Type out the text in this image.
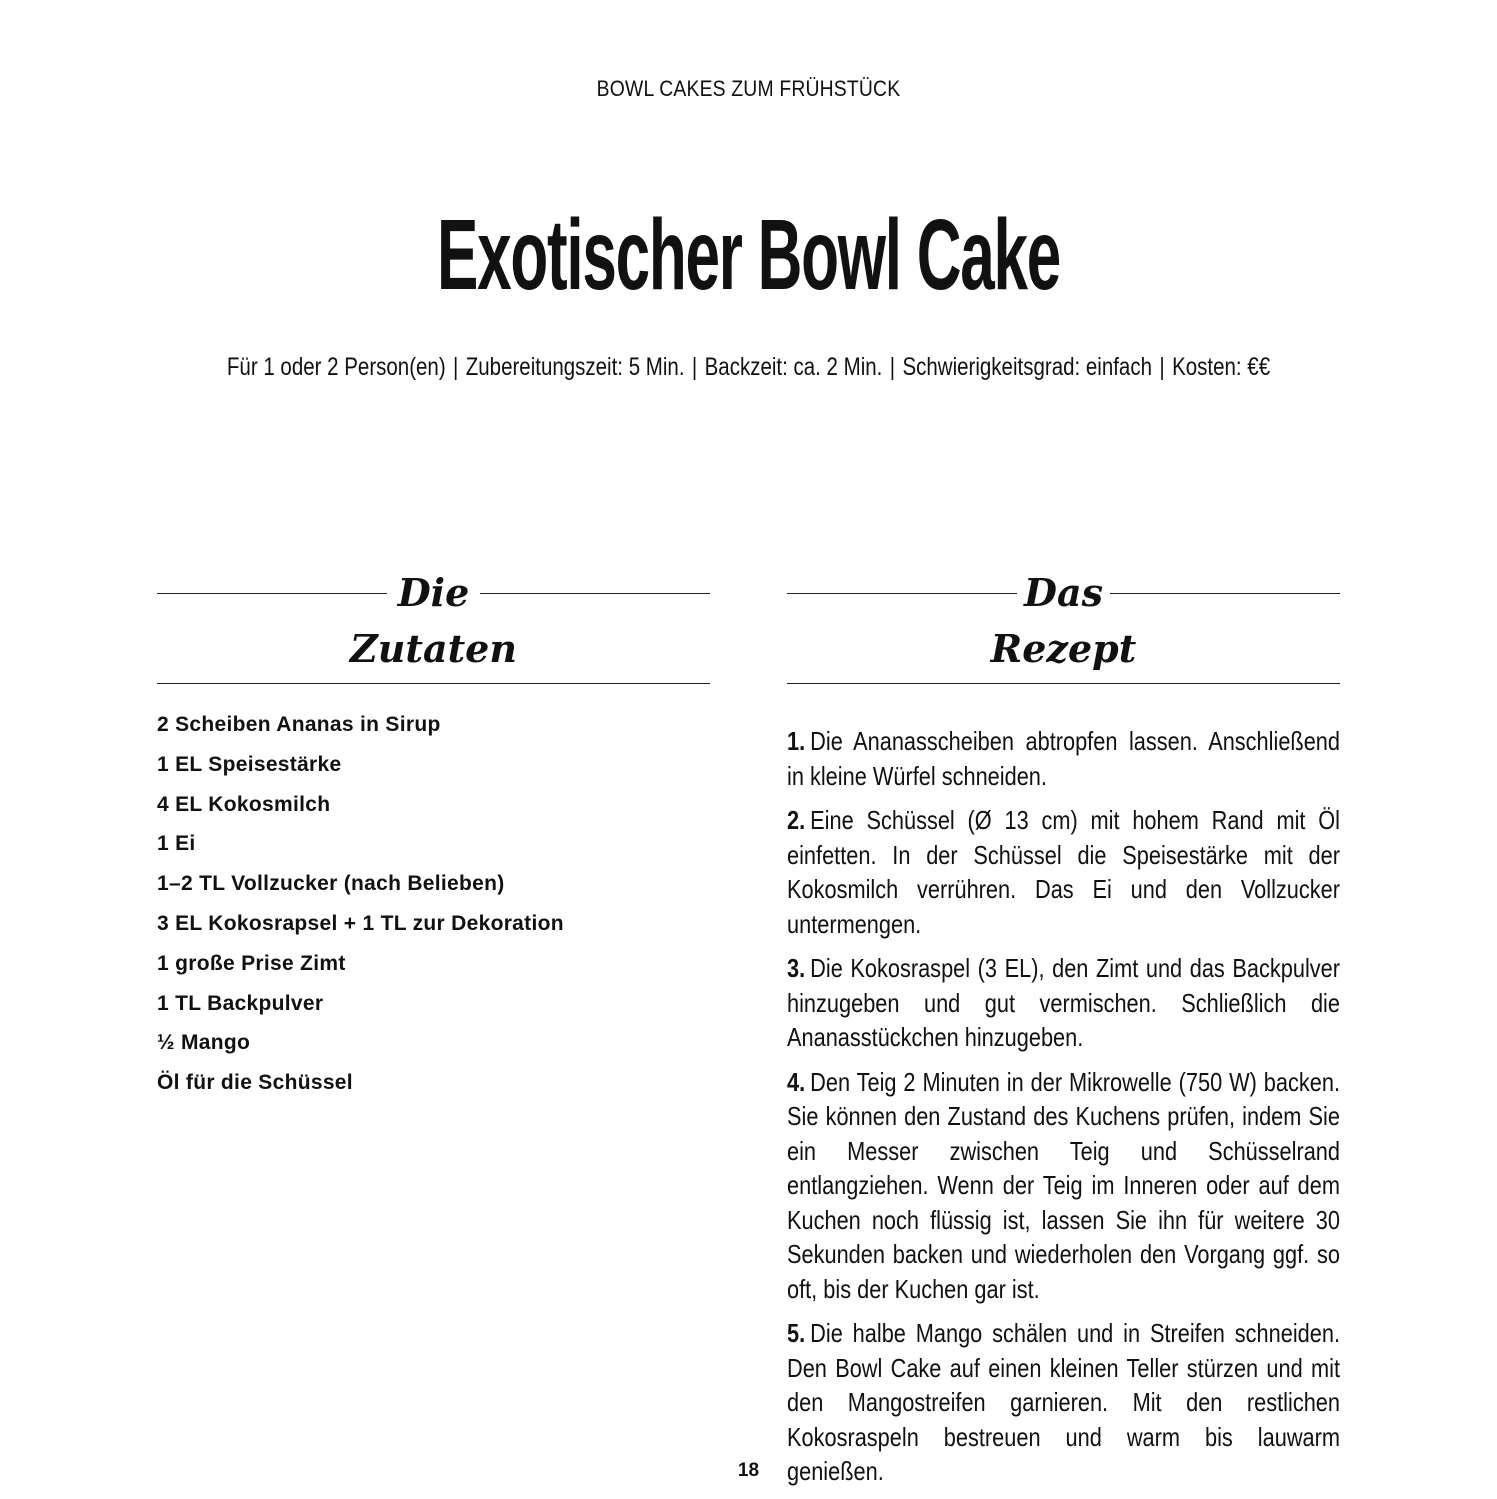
BOWL CAKES ZUM FRÜHSTÜCK
Exotischer Bowl Cake
Für 1 oder 2 Person(en) | Zubereitungszeit: 5 Min. | Backzeit: ca. 2 Min. | Schwierigkeitsgrad: einfach | Kosten: €€
Die
Zutaten
2 Scheiben Ananas in Sirup
1 EL Speisestärke
4 EL Kokosmilch
1 Ei
1–2 TL Vollzucker (nach Belieben)
3 EL Kokosrapsel + 1 TL zur Dekoration
1 große Prise Zimt
1 TL Backpulver
½ Mango
Öl für die Schüssel
Das
Rezept

1. Die Ananasscheiben abtropfen lassen. Anschließend in kleine Würfel schneiden.

2. Eine Schüssel (Ø 13 cm) mit hohem Rand mit Öl einfetten. In der Schüssel die Speisestärke mit der Kokosmilch verrühren. Das Ei und den Vollzucker untermengen.

3. Die Kokosraspel (3 EL), den Zimt und das Backpulver hinzugeben und gut vermischen. Schließlich die Ananasstückchen hinzugeben.

4. Den Teig 2 Minuten in der Mikrowelle (750 W) backen. Sie können den Zustand des Kuchens prüfen, indem Sie ein Messer zwischen Teig und Schüsselrand entlangziehen. Wenn der Teig im Inneren oder auf dem Kuchen noch flüssig ist, lassen Sie ihn für weitere 30 Sekunden backen und wiederholen den Vorgang ggf. so oft, bis der Kuchen gar ist.

5. Die halbe Mango schälen und in Streifen schneiden. Den Bowl Cake auf einen kleinen Teller stürzen und mit den Mangostreifen garnieren. Mit den restlichen Kokosraspeln bestreuen und warm bis lauwarm genießen.

18
